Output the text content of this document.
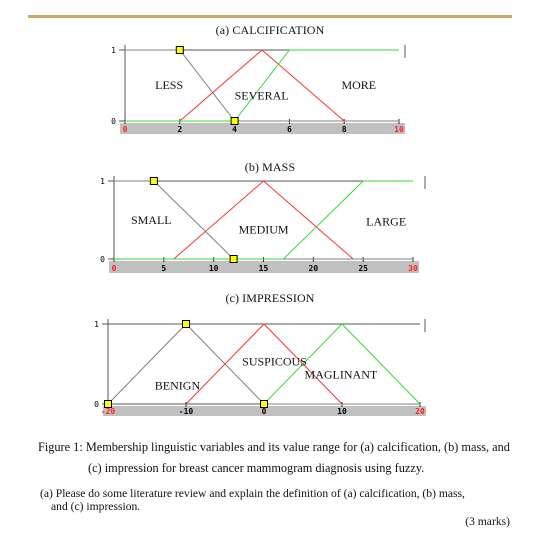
(a) CALCIFICATION
1
0
0	2	4	6	8	10
LESS
SEVERAL
MORE
(b) MASS
1
0
0	5	10	15	20	25	30
SMALL
MEDIUM
LARGE
(c) IMPRESSION
1
0
-20	-10	0	10	20
BENIGN
SUSPICOUS
MAGLINANT
Figure 1: Membership linguistic variables and its value range for (a) calcification, (b) mass, and
(c) impression for breast cancer mammogram diagnosis using fuzzy.
(a) Please do some literature review and explain the definition of (a) calcification, (b) mass,
and (c) impression.
(3 marks)
